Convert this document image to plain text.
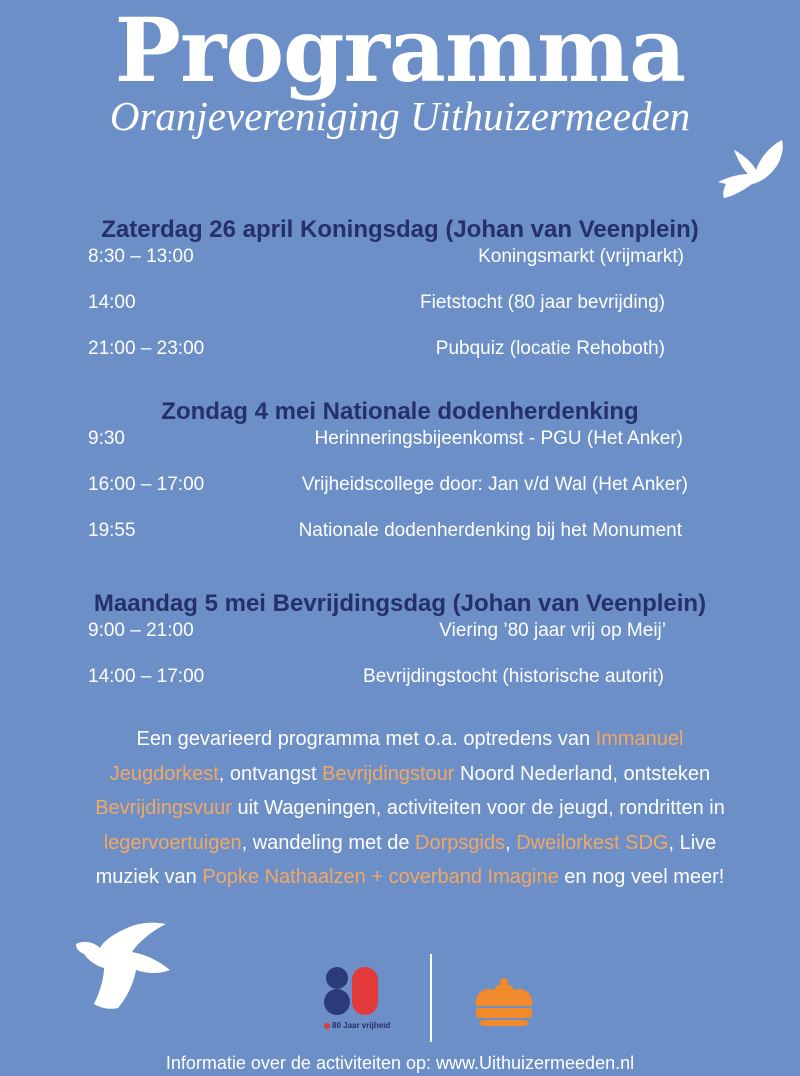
Programma
Oranjevereniging Uithuizermeeden
Zaterdag 26 april Koningsdag (Johan van Veenplein)
8:30 – 13:00	Koningsmarkt (vrijmarkt)
14:00	Fietstocht (80 jaar bevrijding)
21:00 – 23:00	Pubquiz (locatie Rehoboth)
Zondag 4 mei Nationale dodenherdenking
9:30	Herinneringsbijeenkomst - PGU (Het Anker)
16:00 – 17:00	Vrijheidscollege door: Jan v/d Wal (Het Anker)
19:55	Nationale dodenherdenking bij het Monument
Maandag 5 mei Bevrijdingsdag (Johan van Veenplein)
9:00 – 21:00	Viering ’80 jaar vrij op Meij’
14:00 – 17:00	Bevrijdingstocht (historische autorit)
Een gevarieerd programma met o.a. optredens van Immanuel Jeugdorkest, ontvangst Bevrijdingstour Noord Nederland, ontsteken Bevrijdingsvuur uit Wageningen, activiteiten voor de jeugd, rondritten in legervoertuigen, wandeling met de Dorpsgids, Dweilorkest SDG, Live muziek van Popke Nathaalzen + coverband Imagine en nog veel meer!
80 Jaar vrijheid
Informatie over de activiteiten op: www.Uithuizermeeden.nl
